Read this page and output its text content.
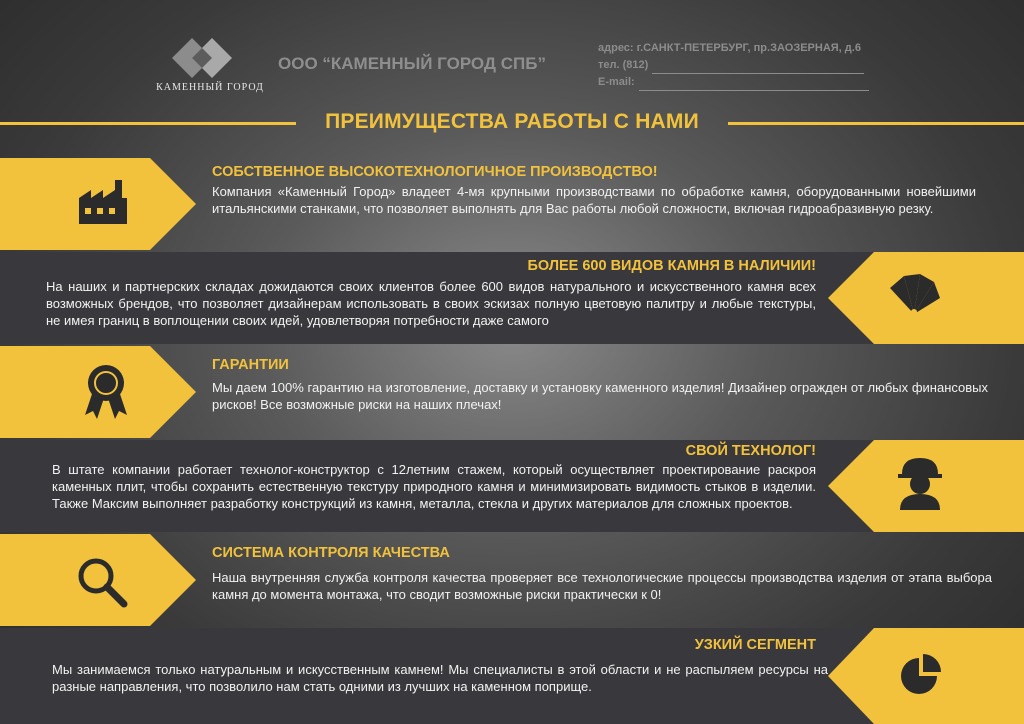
КАМЕННЫЙ ГОРОД
ООО “КАМЕННЫЙ ГОРОД СПБ”
адрес: г.САНКТ-ПЕТЕРБУРГ, пр.ЗАОЗЕРНАЯ, д.6
тел. (812)
E-mail:
ПРЕИМУЩЕСТВА РАБОТЫ С НАМИ
СОБСТВЕННОЕ ВЫСОКОТЕХНОЛОГИЧНОЕ ПРОИЗВОДСТВО!
Компания «Каменный Город» владеет 4-мя крупными производствами по обработке камня, оборудованными новейшими итальянскими станками, что позволяет выполнять для Вас работы любой сложности, включая гидроабразивную резку.
БОЛЕЕ 600 ВИДОВ КАМНЯ В НАЛИЧИИ!
На наших и партнерских складах дожидаются своих клиентов более 600 видов натурального и искусственного камня всех возможных брендов, что позволяет дизайнерам использовать в своих эскизах полную цветовую палитру и любые текстуры, не имея границ в воплощении своих идей, удовлетворяя потребности даже самого
ГАРАНТИИ
Мы даем 100% гарантию на изготовление, доставку и установку каменного изделия! Дизайнер огражден от любых финансовых рисков! Все возможные риски на наших плечах!
СВОЙ ТЕХНОЛОГ!
В штате компании работает технолог-конструктор с 12летним стажем, который осуществляет проектирование раскроя каменных плит, чтобы сохранить естественную текстуру природного камня и минимизировать видимость стыков в изделии. Также Максим выполняет разработку конструкций из камня, металла, стекла и других материалов для сложных проектов.
СИСТЕМА КОНТРОЛЯ КАЧЕСТВА
Наша внутренняя служба контроля качества проверяет все технологические процессы производства изделия от этапа выбора камня до момента монтажа, что сводит возможные риски практически к 0!
УЗКИЙ СЕГМЕНТ
Мы занимаемся только натуральным и искусственным камнем! Мы специалисты в этой области и не распыляем ресурсы на разные направления, что позволило нам стать одними из лучших на каменном поприще.
